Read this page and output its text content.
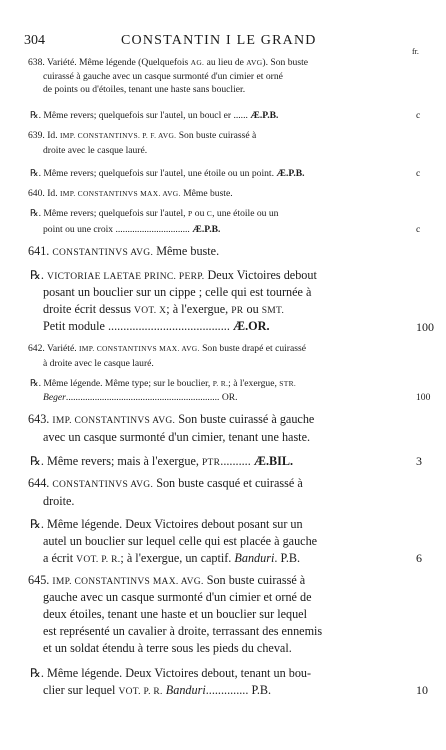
304	CONSTANTIN I LE GRAND
fr.
638. Variété. Même légende (Quelquefois AG. au lieu de AVG). Son buste
cuirassé à gauche avec un casque surmonté d'un cimier et orné
de points ou d'étoiles, tenant une haste sans bouclier.
℞. Même revers; quelquefois sur l'autel, un boucl er ...... Æ.P.B.	c
639. Id. IMP. CONSTANTINVS. P. F. AVG. Son buste cuirassé à
droite avec le casque lauré.
℞. Même revers; quelquefois sur l'autel, une étoile ou un point. Æ.P.B.	c
640. Id. IMP. CONSTANTINVS MAX. AVG. Même buste.
℞. Même revers; quelquefois sur l'autel, P ou C, une étoile ou un
point ou une croix ............................... Æ.P.B.	c
641. CONSTANTINVS AVG. Même buste.
℞. VICTORIAE LAETAE PRINC. PERP. Deux Victoires debout
posant un bouclier sur un cippe ; celle qui est tournée à
droite écrit dessus VOT. X; à l'exergue, PR ou SMT.
Petit module ........................................ Æ.OR.	100
642. Variété. IMP. CONSTANTINVS MAX. AVG. Son buste drapé et cuirassé
à droite avec le casque lauré.
℞. Même légende. Même type; sur le bouclier, P. R.; à l'exergue, STR.
Beger................................................................ OR.	100
643. IMP. CONSTANTINVS AVG. Son buste cuirassé à gauche
avec un casque surmonté d'un cimier, tenant une haste.
℞. Même revers; mais à l'exergue, PTR.......... Æ.BIL.	3
644. CONSTANTINVS AVG. Son buste casqué et cuirassé à
droite.
℞. Même légende. Deux Victoires debout posant sur un
autel un bouclier sur lequel celle qui est placée à gauche
a écrit VOT. P. R.; à l'exergue, un captif. Banduri. P.B.	6
645. IMP. CONSTANTINVS MAX. AVG. Son buste cuirassé à
gauche avec un casque surmonté d'un cimier et orné de
deux étoiles, tenant une haste et un bouclier sur lequel
est représenté un cavalier à droite, terrassant des ennemis
et un soldat étendu à terre sous les pieds du cheval.
℞. Même légende. Deux Victoires debout, tenant un bou-
clier sur lequel VOT. P. R. Banduri.............. P.B.	10
